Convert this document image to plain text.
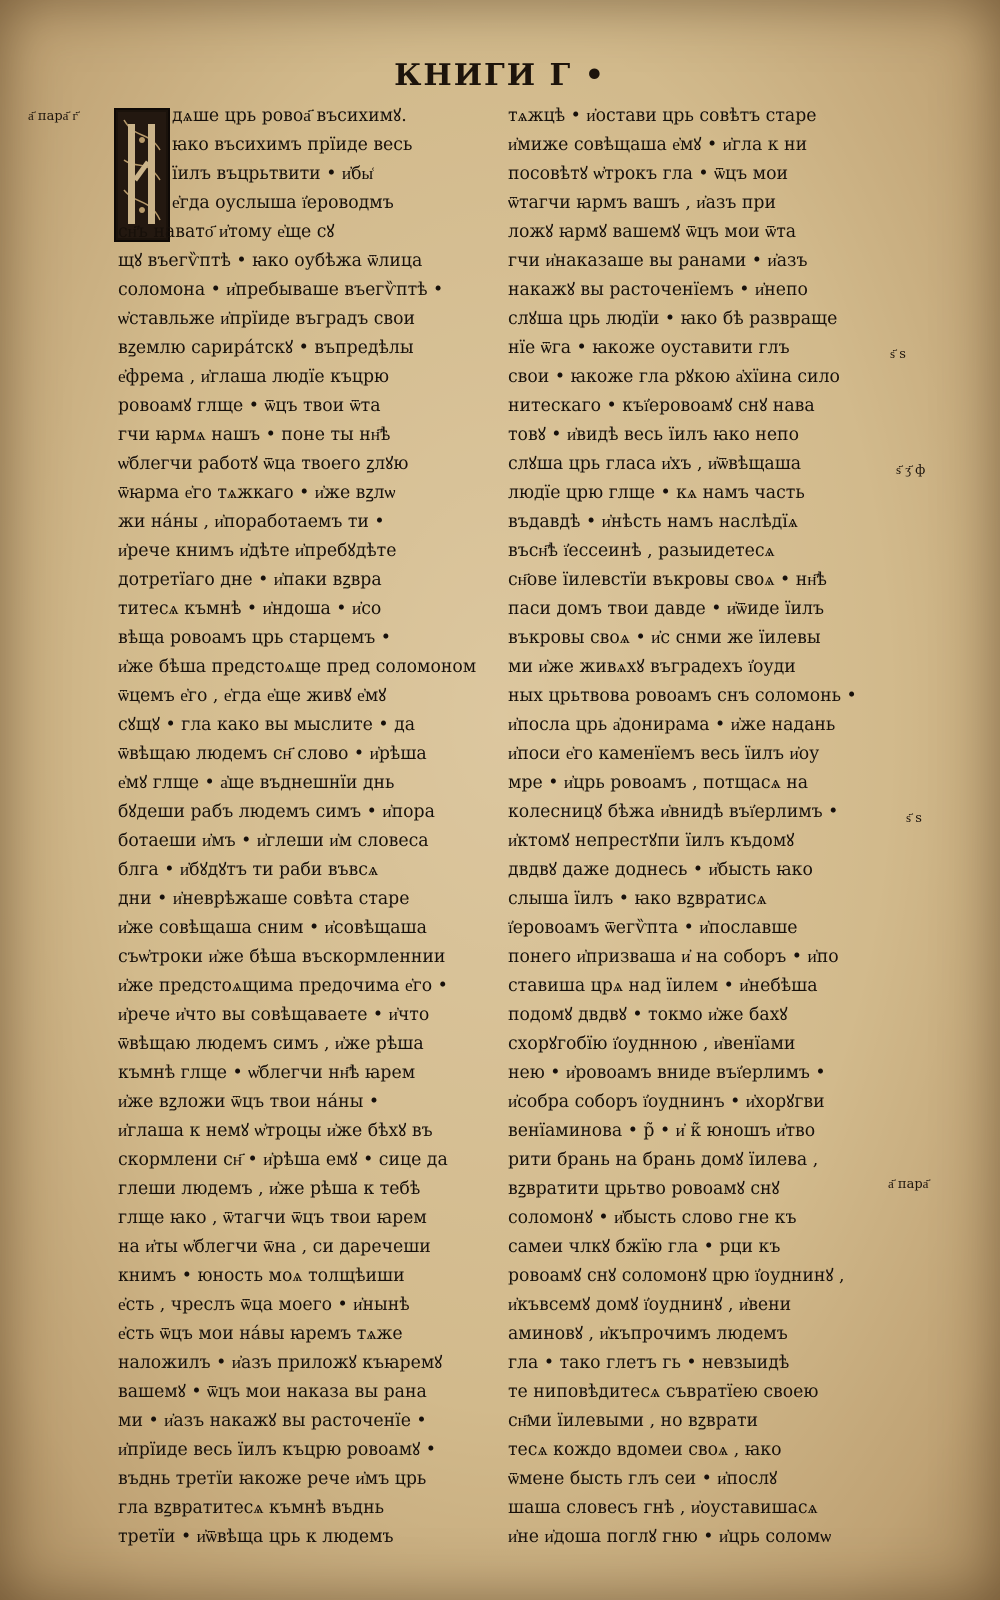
КНИГИ Г •
а҃ пара҃ г҃
ѕ҃ ѕ
ѕ҃ ӡ҃ ф
ѕ҃ ѕ
а҃ пара҃
дѧше црь ровоа҃ въсихимꙋ.
ꙗко въсихимъ прїиде весь
їилъ въцрьтвити • и҆бы͑
е҆гда оуслыша ї҆ероводмъ
сн҃ъ навато҃ и҆тому е҆ще сꙋ
щꙋ въегѷптѣ • ꙗко оубѣжа ѿлица
соломона • и҆пребываше въегѷптѣ •
ѡ҆ставльже и҆прїиде въградъ свои
вꙁемлю сарира́тскꙋ • въпредѣлы
е҆фрема , и҆глаша людїе къцрю
ровоамꙋ глще • ѿцъ твои ѿта
гчи ꙗрмѧ нашъ • поне ты нн҃ѣ
ѡ҆блегчи работꙋ ѿца твоего ꙁлꙋю
ѿꙗрма е҆го тѧжкаго • и҆же вꙁлѡ
жи на́ны , и҆поработаемъ ти •
и҆рече книмъ и҆дѣте и҆пребꙋдѣте
дотретїаго дне • и҆паки вꙁвра
титесѧ къмнѣ • и҆ндоша • и҆со
вѣща ровоамъ црь старцемъ •
и҆же бѣша предстоѧще пред соломоном
ѿцемъ е҆го , е҆гда е҆ще живꙋ е҆мꙋ
сꙋщꙋ • гла како вы мыслите • да
ѿвѣщаю людемъ сн҃ слово • и҆рѣша
е҆мꙋ глще • а҆ще въднешнїи днь
бꙋдеши рабъ людемъ симъ • и҆пора
ботаеши и҆мъ • и҆глеши и҆м словеса
блга • и҆бꙋдꙋтъ ти раби въвсѧ
дни • и҆неврѣжаше совѣта старе
и҆же совѣщаша сним • и҆совѣщаша
съѡ҆троки и҆же бѣша въскормленнии
и҆же предстоѧщима предочима е҆го •
и҆рече и҆что вы совѣщаваете • и҆что
ѿвѣщаю людемъ симъ , и҆же рѣша
къмнѣ глще • ѡ҆блегчи нн҃ѣ ꙗрем
и҆же вꙁложи ѿцъ твои на́ны •
и҆глаша к немꙋ ѡ҆троцы и҆же бѣхꙋ въ
скормлени сн҃ • и҆рѣша емꙋ • сице да
глеши людемъ , и҆же рѣша к тебѣ
глще ꙗко , ѿтагчи ѿцъ твои ꙗрем
на и҆ты ѡ҆блегчи ѿна , си даречеши
книмъ • юность моѧ толщѣиши
е҆сть , чреслъ ѿца моего • и҆нынѣ
е҆сть ѿцъ мои на́вы ꙗремъ тѧже
наложилъ • и҆азъ приложꙋ къꙗремꙋ
вашемꙋ • ѿцъ мои наказа вы рана
ми • и҆азъ накажꙋ вы расточенїе •
и҆прїиде весь їилъ къцрю ровоамꙋ •
въднь третїи ꙗкоже рече и҆мъ црь
гла вꙁвратитесѧ къмнѣ въднь
третїи • и҆ѿвѣща црь к людемъ
тѧжцѣ • и҆остави црь совѣтъ старе
и҆миже совѣщаша е҆мꙋ • и҆гла к ни
посовѣтꙋ ѡ҆трокъ гла • ѿцъ мои
ѿтагчи ꙗрмъ вашъ , и҆азъ при
ложꙋ ꙗрмꙋ вашемꙋ ѿцъ мои ѿта
гчи и҆наказаше вы ранами • и҆азъ
накажꙋ вы расточенїемъ • и҆непо
слꙋша црь людїи • ꙗко бѣ развраще
нїе ѿга • ꙗкоже оуставити глъ
свои • ꙗкоже гла рꙋкою а҆хїина сило
нитескаго • къї҆еровоамꙋ снꙋ нава
товꙋ • и҆видѣ весь їилъ ꙗко непо
слꙋша црь гласа и҆хъ , и҆ѿвѣщаша
людїе црю глще • кѧ намъ часть
въдавдѣ • и҆нѣсть намъ наслѣдїѧ
въсн҃ѣ ї҆ессеинѣ , разыидетесѧ
сн҃ове їилевстїи въкровы своѧ • нн҃ѣ
паси домъ твои давде • и҆ѿиде їилъ
въкровы своѧ • и҆с снми же їилевы
ми и҆же живѧхꙋ въградехъ ї҆оуди
ных црьтвова ровоамъ снъ соломонь •
и҆посла црь а҆донирама • и҆же надань
и҆поси е҆го каменїемъ весь їилъ и҆оу
мре • и҆црь ровоамъ , потщасѧ на
колесницꙋ бѣжа и҆внидѣ въї҆ерлимъ •
и҆ктомꙋ непрестꙋпи їилъ къдомꙋ
двдвꙋ даже доднесь • и҆бысть ꙗко
слыша їилъ • ꙗко вꙁвратисѧ
ї҆еровоамъ ѿегѷпта • и҆пославше
понего и҆призваша и҆ на соборъ • и҆по
ставиша црѧ над їилем • и҆небѣша
подомꙋ двдвꙋ • токмо и҆же бахꙋ
схорꙋгобїю ї҆оуднною , и҆венїами
нею • и҆ровоамъ вниде въї҆ерлимъ •
и҆собра соборъ ї҆оуднинъ • и҆хорꙋгви
венїаминова • р̃ • и҆ к̃ юношъ и҆тво
рити брань на брань домꙋ їилева ,
вꙁвратити црьтво ровоамꙋ снꙋ
соломонꙋ • и҆бысть слово гне къ
самеи члкꙋ бжїю гла • рци къ
ровоамꙋ снꙋ соломонꙋ црю ї҆оуднинꙋ ,
и҆къвсемꙋ домꙋ ї҆оуднинꙋ , и҆вени
аминовꙋ , и҆къпрочимъ людемъ
гла • тако глетъ гь • невзыидѣ
те ниповѣдитесѧ съвратїею своею
сн҃ми їилевыми , но вꙁврати
тесѧ кождо вдомеи своѧ , ꙗко
ѿмене бысть глъ сеи • и҆послꙋ
шаша словесъ гнѣ , и҆оуставишасѧ
и҆не и҆доша поглꙋ гню • и҆црь соломѡ
